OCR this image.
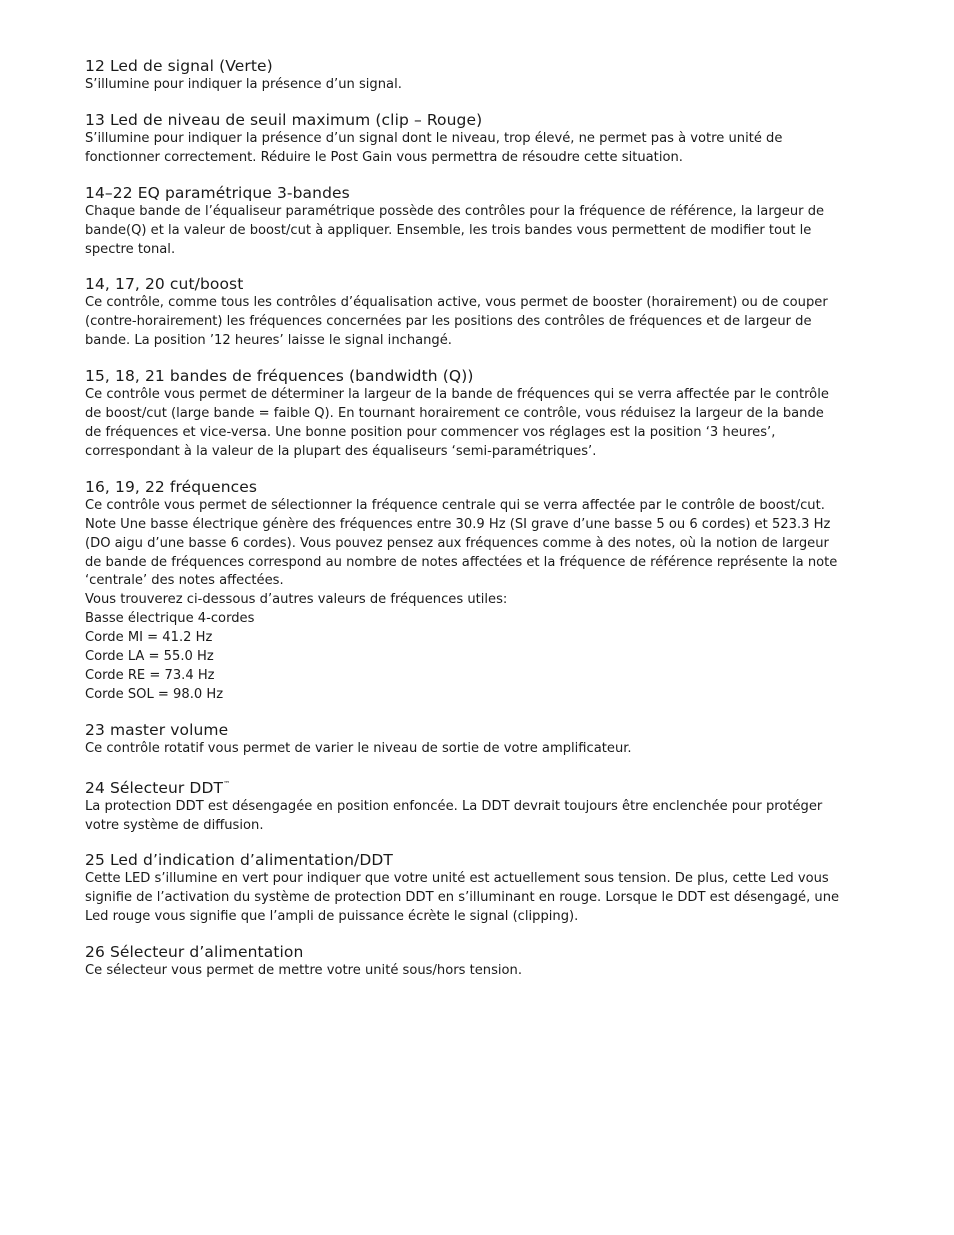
12 Led de signal (Verte)

S’illumine pour indiquer la présence d’un signal.

13 Led de niveau de seuil maximum (clip – Rouge)

S’illumine pour indiquer la présence d’un signal dont le niveau, trop élevé, ne permet pas à votre unité de
fonctionner correctement. Réduire le Post Gain vous permettra de résoudre cette situation.

14–22 EQ paramétrique 3-bandes

Chaque bande de l’équaliseur paramétrique possède des contrôles pour la fréquence de référence, la largeur de
bande(Q) et la valeur de boost/cut à appliquer. Ensemble, les trois bandes vous permettent de modifier tout le
spectre tonal.

14, 17, 20 cut/boost

Ce contrôle, comme tous les contrôles d’équalisation active, vous permet de booster (horairement) ou de couper
(contre-horairement) les fréquences concernées par les positions des contrôles de fréquences et de largeur de
bande. La position ’12 heures’ laisse le signal inchangé.

15, 18, 21 bandes de fréquences (bandwidth (Q))

Ce contrôle vous permet de déterminer la largeur de la bande de fréquences qui se verra affectée par le contrôle
de boost/cut (large bande = faible Q). En tournant horairement ce contrôle, vous réduisez la largeur de la bande
de fréquences et vice-versa. Une bonne position pour commencer vos réglages est la position ‘3 heures’,
correspondant à la valeur de la plupart des équaliseurs ‘semi-paramétriques’.

16, 19, 22 fréquences

Ce contrôle vous permet de sélectionner la fréquence centrale qui se verra affectée par le contrôle de boost/cut.
Note Une basse électrique génère des fréquences entre 30.9 Hz (SI grave d’une basse 5 ou 6 cordes) et 523.3 Hz
(DO aigu d’une basse 6 cordes). Vous pouvez pensez aux fréquences comme à des notes, où la notion de largeur
de bande de fréquences correspond au nombre de notes affectées et la fréquence de référence représente la note
‘centrale’ des notes affectées.
Vous trouverez ci-dessous d’autres valeurs de fréquences utiles:
Basse électrique 4-cordes
Corde MI = 41.2 Hz
Corde LA = 55.0 Hz
Corde RE = 73.4 Hz
Corde SOL = 98.0 Hz

23 master volume

Ce contrôle rotatif vous permet de varier le niveau de sortie de votre amplificateur.

24 Sélecteur DDT™

La protection DDT est désengagée en position enfoncée. La DDT devrait toujours être enclenchée pour protéger
votre système de diffusion.

25 Led d’indication d’alimentation/DDT

Cette LED s’illumine en vert pour indiquer que votre unité est actuellement sous tension. De plus, cette Led vous
signifie de l’activation du système de protection DDT en s’illuminant en rouge. Lorsque le DDT est désengagé, une
Led rouge vous signifie que l’ampli de puissance écrète le signal (clipping).

26 Sélecteur d’alimentation

Ce sélecteur vous permet de mettre votre unité sous/hors tension.
